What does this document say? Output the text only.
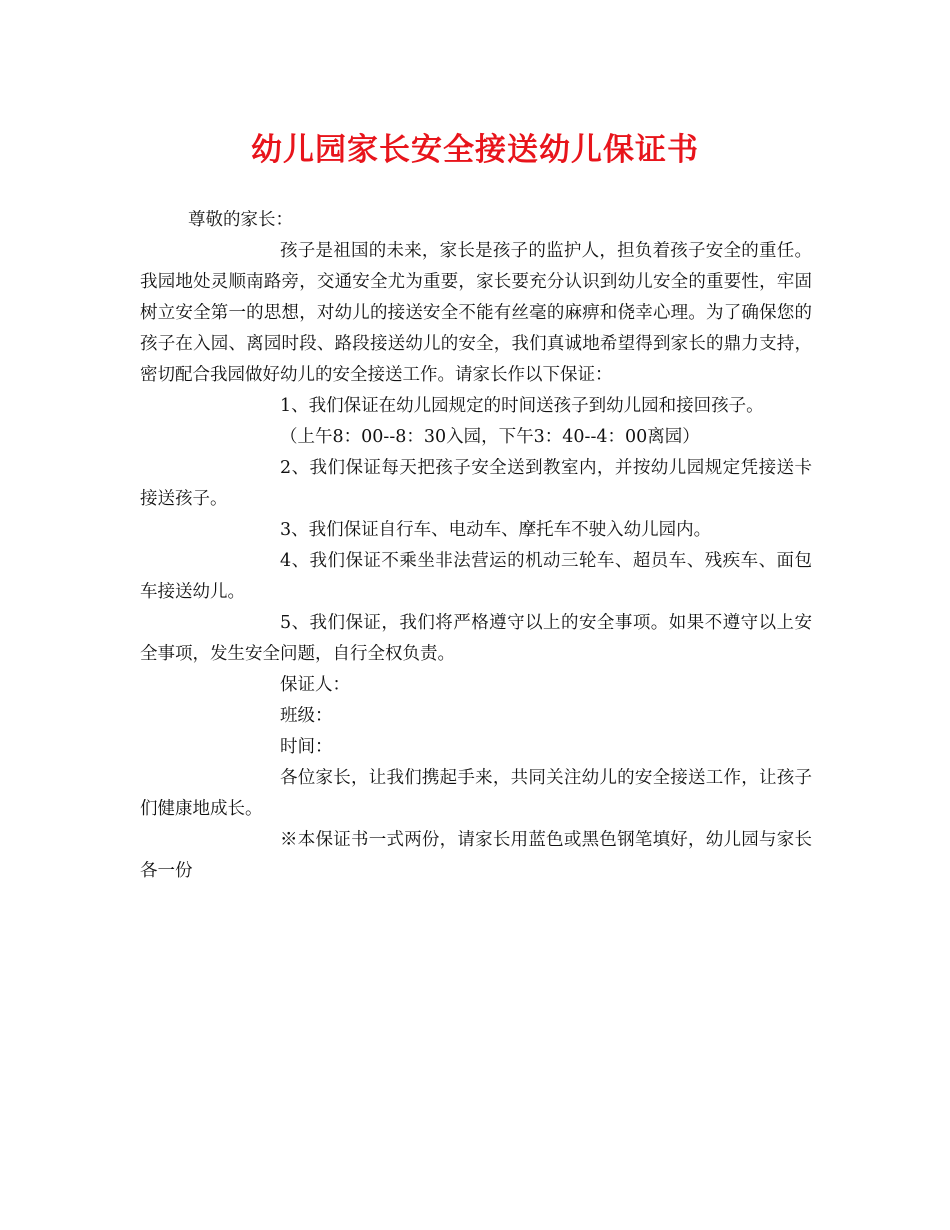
幼儿园家长安全接送幼儿保证书

尊敬的家长：

孩子是祖国的未来，家长是孩子的监护人，担负着孩子安全的重任。我园地处灵顺南路旁，交通安全尤为重要，家长要充分认识到幼儿安全的重要性，牢固树立安全第一的思想，对幼儿的接送安全不能有丝毫的麻痹和侥幸心理。为了确保您的孩子在入园、离园时段、路段接送幼儿的安全，我们真诚地希望得到家长的鼎力支持，密切配合我园做好幼儿的安全接送工作。请家长作以下保证：

1、我们保证在幼儿园规定的时间送孩子到幼儿园和接回孩子。

（上午8：00--8：30入园，下午3：40--4：00离园）

2、我们保证每天把孩子安全送到教室内，并按幼儿园规定凭接送卡接送孩子。

3、我们保证自行车、电动车、摩托车不驶入幼儿园内。

4、我们保证不乘坐非法营运的机动三轮车、超员车、残疾车、面包车接送幼儿。

5、我们保证，我们将严格遵守以上的安全事项。如果不遵守以上安全事项，发生安全问题，自行全权负责。

保证人：

班级：

时间：

各位家长，让我们携起手来，共同关注幼儿的安全接送工作，让孩子们健康地成长。

※本保证书一式两份，请家长用蓝色或黑色钢笔填好，幼儿园与家长各一份
